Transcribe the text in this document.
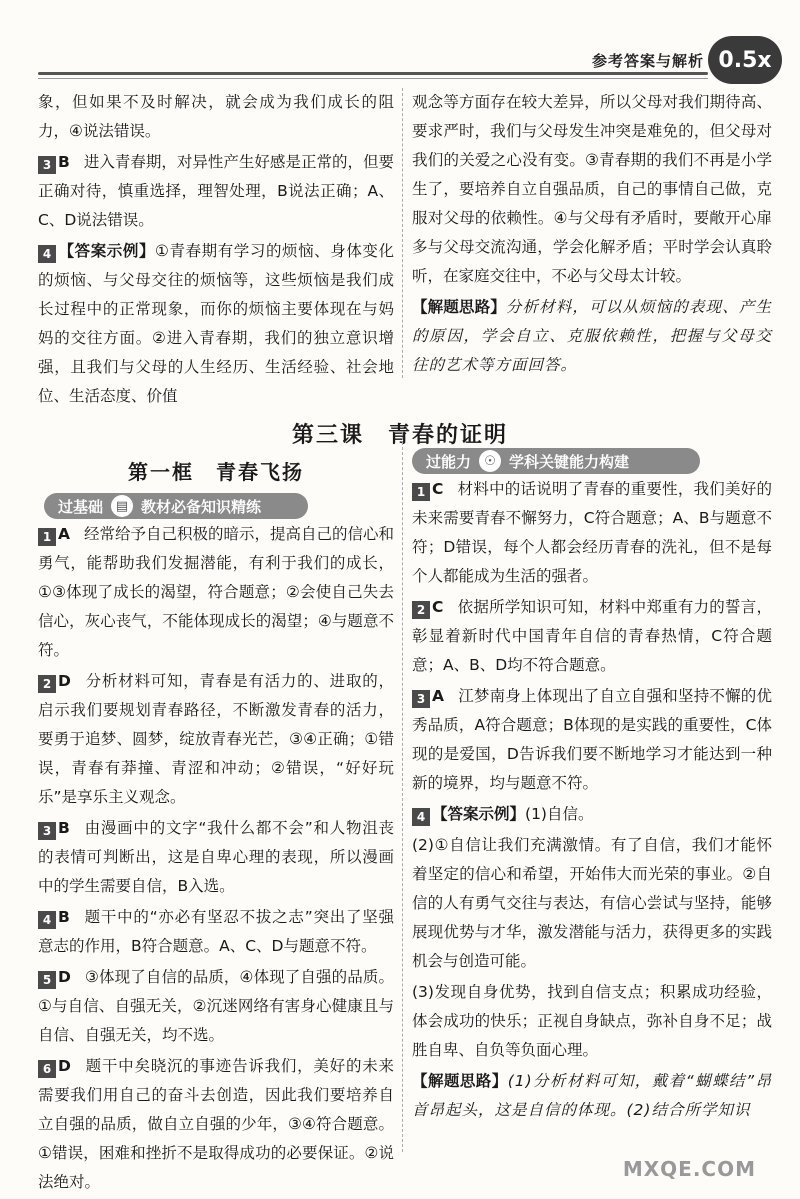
参考答案与解析 0.5x

象，但如果不及时解决，就会成为我们成长的阻力，④说法错误。

3 B 进入青春期，对异性产生好感是正常的，但要正确对待，慎重选择，理智处理，B说法正确；A、C、D说法错误。

4 【答案示例】①青春期有学习的烦恼、身体变化的烦恼、与父母交往的烦恼等，这些烦恼是我们成长过程中的正常现象，而你的烦恼主要体现在与妈妈的交往方面。②进入青春期，我们的独立意识增强，且我们与父母的人生经历、生活经验、社会地位、生活态度、价值

观念等方面存在较大差异，所以父母对我们期待高、要求严时，我们与父母发生冲突是难免的，但父母对我们的关爱之心没有变。③青春期的我们不再是小学生了，要培养自立自强品质，自己的事情自己做，克服对父母的依赖性。④与父母有矛盾时，要敞开心扉多与父母交流沟通，学会化解矛盾；平时学会认真聆听，在家庭交往中，不必与父母太计较。

【解题思路】分析材料，可以从烦恼的表现、产生的原因，学会自立、克服依赖性，把握与父母交往的艺术等方面回答。

第三课　青春的证明
第一框　青春飞扬
过基础 ▤ 教材必备知识精练
过能力	☉ 学科关键能力构建

1 A 经常给予自己积极的暗示，提高自己的信心和勇气，能帮助我们发掘潜能，有利于我们的成长，①③体现了成长的渴望，符合题意；②会使自己失去信心，灰心丧气，不能体现成长的渴望；④与题意不符。

2 D 分析材料可知，青春是有活力的、进取的，启示我们要规划青春路径，不断激发青春的活力，要勇于追梦、圆梦，绽放青春光芒，③④正确；①错误，青春有莽撞、青涩和冲动；②错误，“好好玩乐”是享乐主义观念。

3 B 由漫画中的文字“我什么都不会”和人物沮丧的表情可判断出，这是自卑心理的表现，所以漫画中的学生需要自信，B入选。

4 B 题干中的“亦必有坚忍不拔之志”突出了坚强意志的作用，B符合题意。A、C、D与题意不符。

5 D ③体现了自信的品质，④体现了自强的品质。①与自信、自强无关，②沉迷网络有害身心健康且与自信、自强无关，均不选。

6 D 题干中矣晓沉的事迹告诉我们，美好的未来需要我们用自己的奋斗去创造，因此我们要培养自立自强的品质，做自立自强的少年，③④符合题意。①错误，困难和挫折不是取得成功的必要保证。②说法绝对。

1 C 材料中的话说明了青春的重要性，我们美好的未来需要青春不懈努力，C符合题意；A、B与题意不符；D错误，每个人都会经历青春的洗礼，但不是每个人都能成为生活的强者。

2 C 依据所学知识可知，材料中郑重有力的誓言，彰显着新时代中国青年自信的青春热情，C符合题意；A、B、D均不符合题意。

3 A 江梦南身上体现出了自立自强和坚持不懈的优秀品质，A符合题意；B体现的是实践的重要性，C体现的是爱国，D告诉我们要不断地学习才能达到一种新的境界，均与题意不符。

4 【答案示例】(1)自信。

(2)①自信让我们充满激情。有了自信，我们才能怀着坚定的信心和希望，开始伟大而光荣的事业。②自信的人有勇气交往与表达，有信心尝试与坚持，能够展现优势与才华，激发潜能与活力，获得更多的实践机会与创造可能。

(3)发现自身优势，找到自信支点；积累成功经验，体会成功的快乐；正视自身缺点，弥补自身不足；战胜自卑、自负等负面心理。

【解题思路】(1)分析材料可知，戴着“蝴蝶结”昂首昂起头，这是自信的体现。(2)结合所学知识

MXQE.COM
